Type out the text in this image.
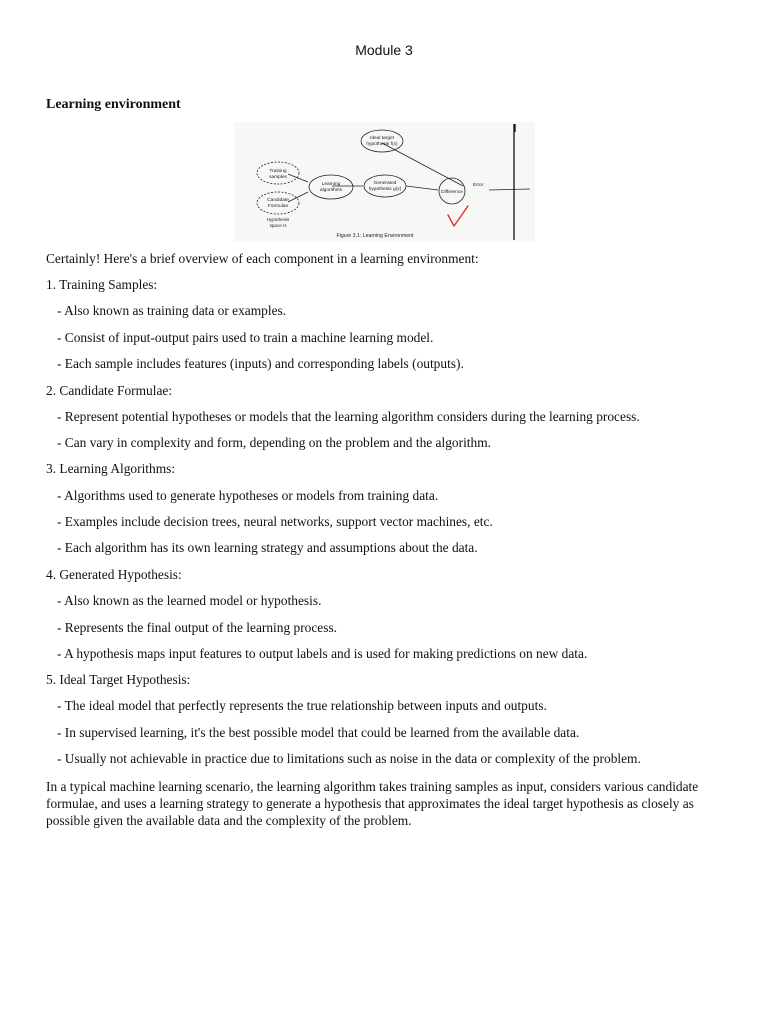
Module 3
Learning environment
Ideal target
hypothesis f(x)
Training
samples
Candidate
Formulae
Hypothesis
space H
Learning
algorithms
Generated
hypothesis g(x)
Difference
Error
Figure 3.1: Learning Environment
Certainly! Here's a brief overview of each component in a learning environment:
1. Training Samples:
- Also known as training data or examples.
- Consist of input-output pairs used to train a machine learning model.
- Each sample includes features (inputs) and corresponding labels (outputs).
2. Candidate Formulae:
- Represent potential hypotheses or models that the learning algorithm considers during the learning process.
- Can vary in complexity and form, depending on the problem and the algorithm.
3. Learning Algorithms:
- Algorithms used to generate hypotheses or models from training data.
- Examples include decision trees, neural networks, support vector machines, etc.
- Each algorithm has its own learning strategy and assumptions about the data.
4. Generated Hypothesis:
- Also known as the learned model or hypothesis.
- Represents the final output of the learning process.
- A hypothesis maps input features to output labels and is used for making predictions on new data.
5. Ideal Target Hypothesis:
- The ideal model that perfectly represents the true relationship between inputs and outputs.
- In supervised learning, it's the best possible model that could be learned from the available data.
- Usually not achievable in practice due to limitations such as noise in the data or complexity of the problem.
In a typical machine learning scenario, the learning algorithm takes training samples as input, considers various candidate formulae, and uses a learning strategy to generate a hypothesis that approximates the ideal target hypothesis as closely as possible given the available data and the complexity of the problem.
